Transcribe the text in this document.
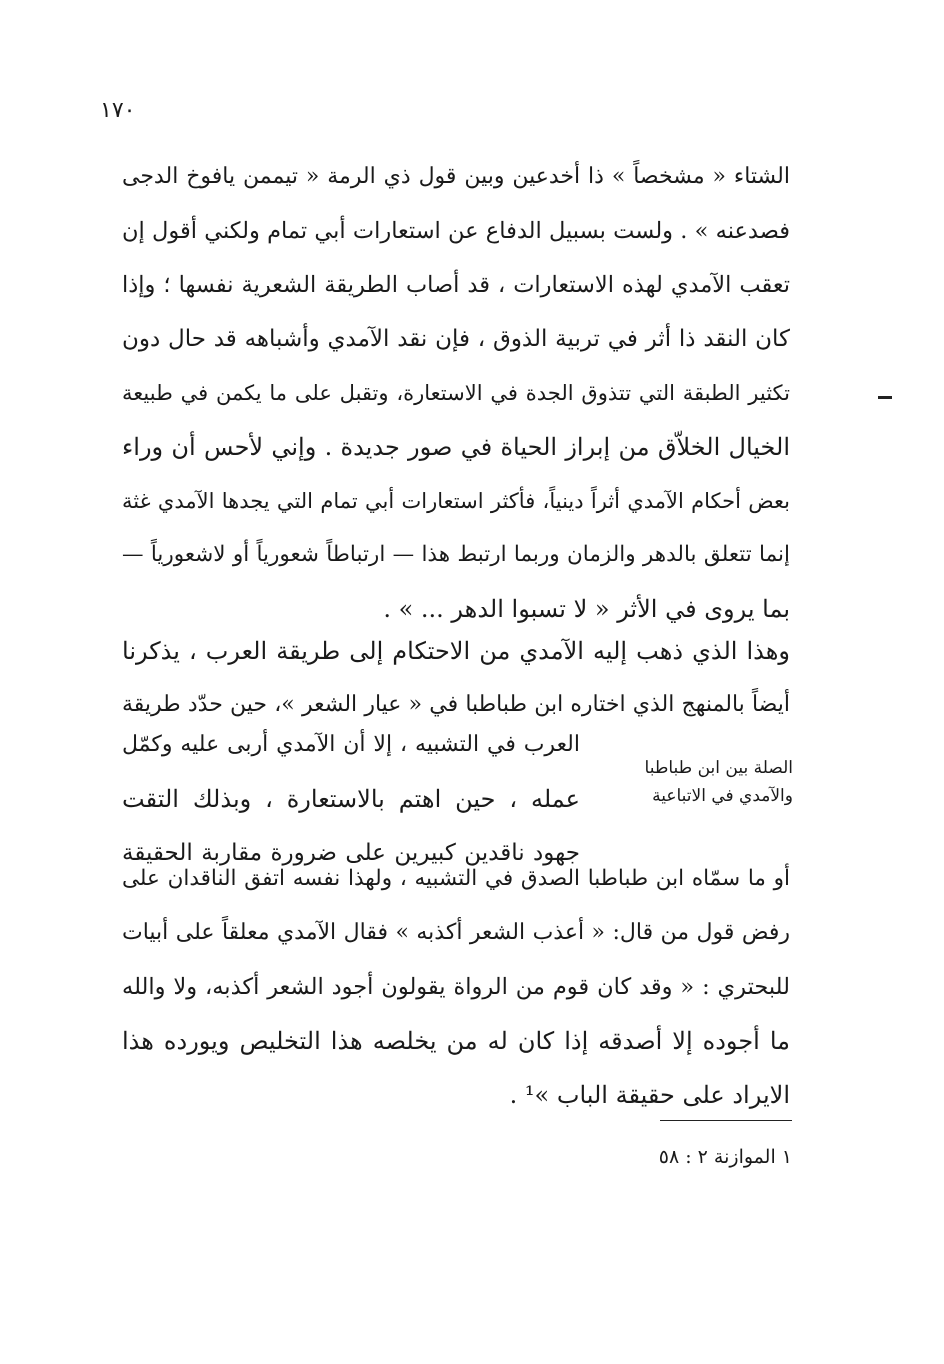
١٧٠
الشتاء « مشخصاً » ذا أخدعين وبين قول ذي الرمة « تيممن يافوخ الدجى
فصدعنه » . ولست بسبيل الدفاع عن استعارات أبي تمام ولكني أقول إن
تعقب الآمدي لهذه الاستعارات ، قد أصاب الطريقة الشعرية نفسها ؛ وإذا
كان النقد ذا أثر في تربية الذوق ، فإن نقد الآمدي وأشباهه قد حال دون
تكثير الطبقة التي تتذوق الجدة في الاستعارة، وتقبل على ما يكمن في طبيعة
الخيال الخلاّق من إبراز الحياة في صور جديدة . وإني لأحس أن وراء
بعض أحكام الآمدي أثراً دينياً، فأكثر استعارات أبي تمام التي يجدها الآمدي غثة
إنما تتعلق بالدهر والزمان وربما ارتبط هذا — ارتباطاً شعورياً أو لاشعورياً —
بما يروى في الأثر « لا تسبوا الدهر ... » .
وهذا الذي ذهب إليه الآمدي من الاحتكام إلى طريقة العرب ، يذكرنا
أيضاً بالمنهج الذي اختاره ابن طباطبا في « عيار الشعر »، حين حدّد طريقة
العرب في التشبيه ، إلا أن الآمدي أربى عليه وكمّل
عمله ، حين اهتم بالاستعارة ، وبذلك التقت
جهود ناقدين كبيرين على ضرورة مقاربة الحقيقة
الصلة بين ابن طباطبا
والآمدي في الاتباعية
أو ما سمّاه ابن طباطبا الصدق في التشبيه ، ولهذا نفسه اتفق الناقدان على
رفض قول من قال: « أعذب الشعر أكذبه » فقال الآمدي معلقاً على أبيات
للبحتري : « وقد كان قوم من الرواة يقولون أجود الشعر أكذبه، ولا والله
ما أجوده إلا أصدقه إذا كان له من يخلصه هذا التخليص ويورده هذا
الايراد على حقيقة الباب »¹ .
١ الموازنة ٢ : ٥٨
